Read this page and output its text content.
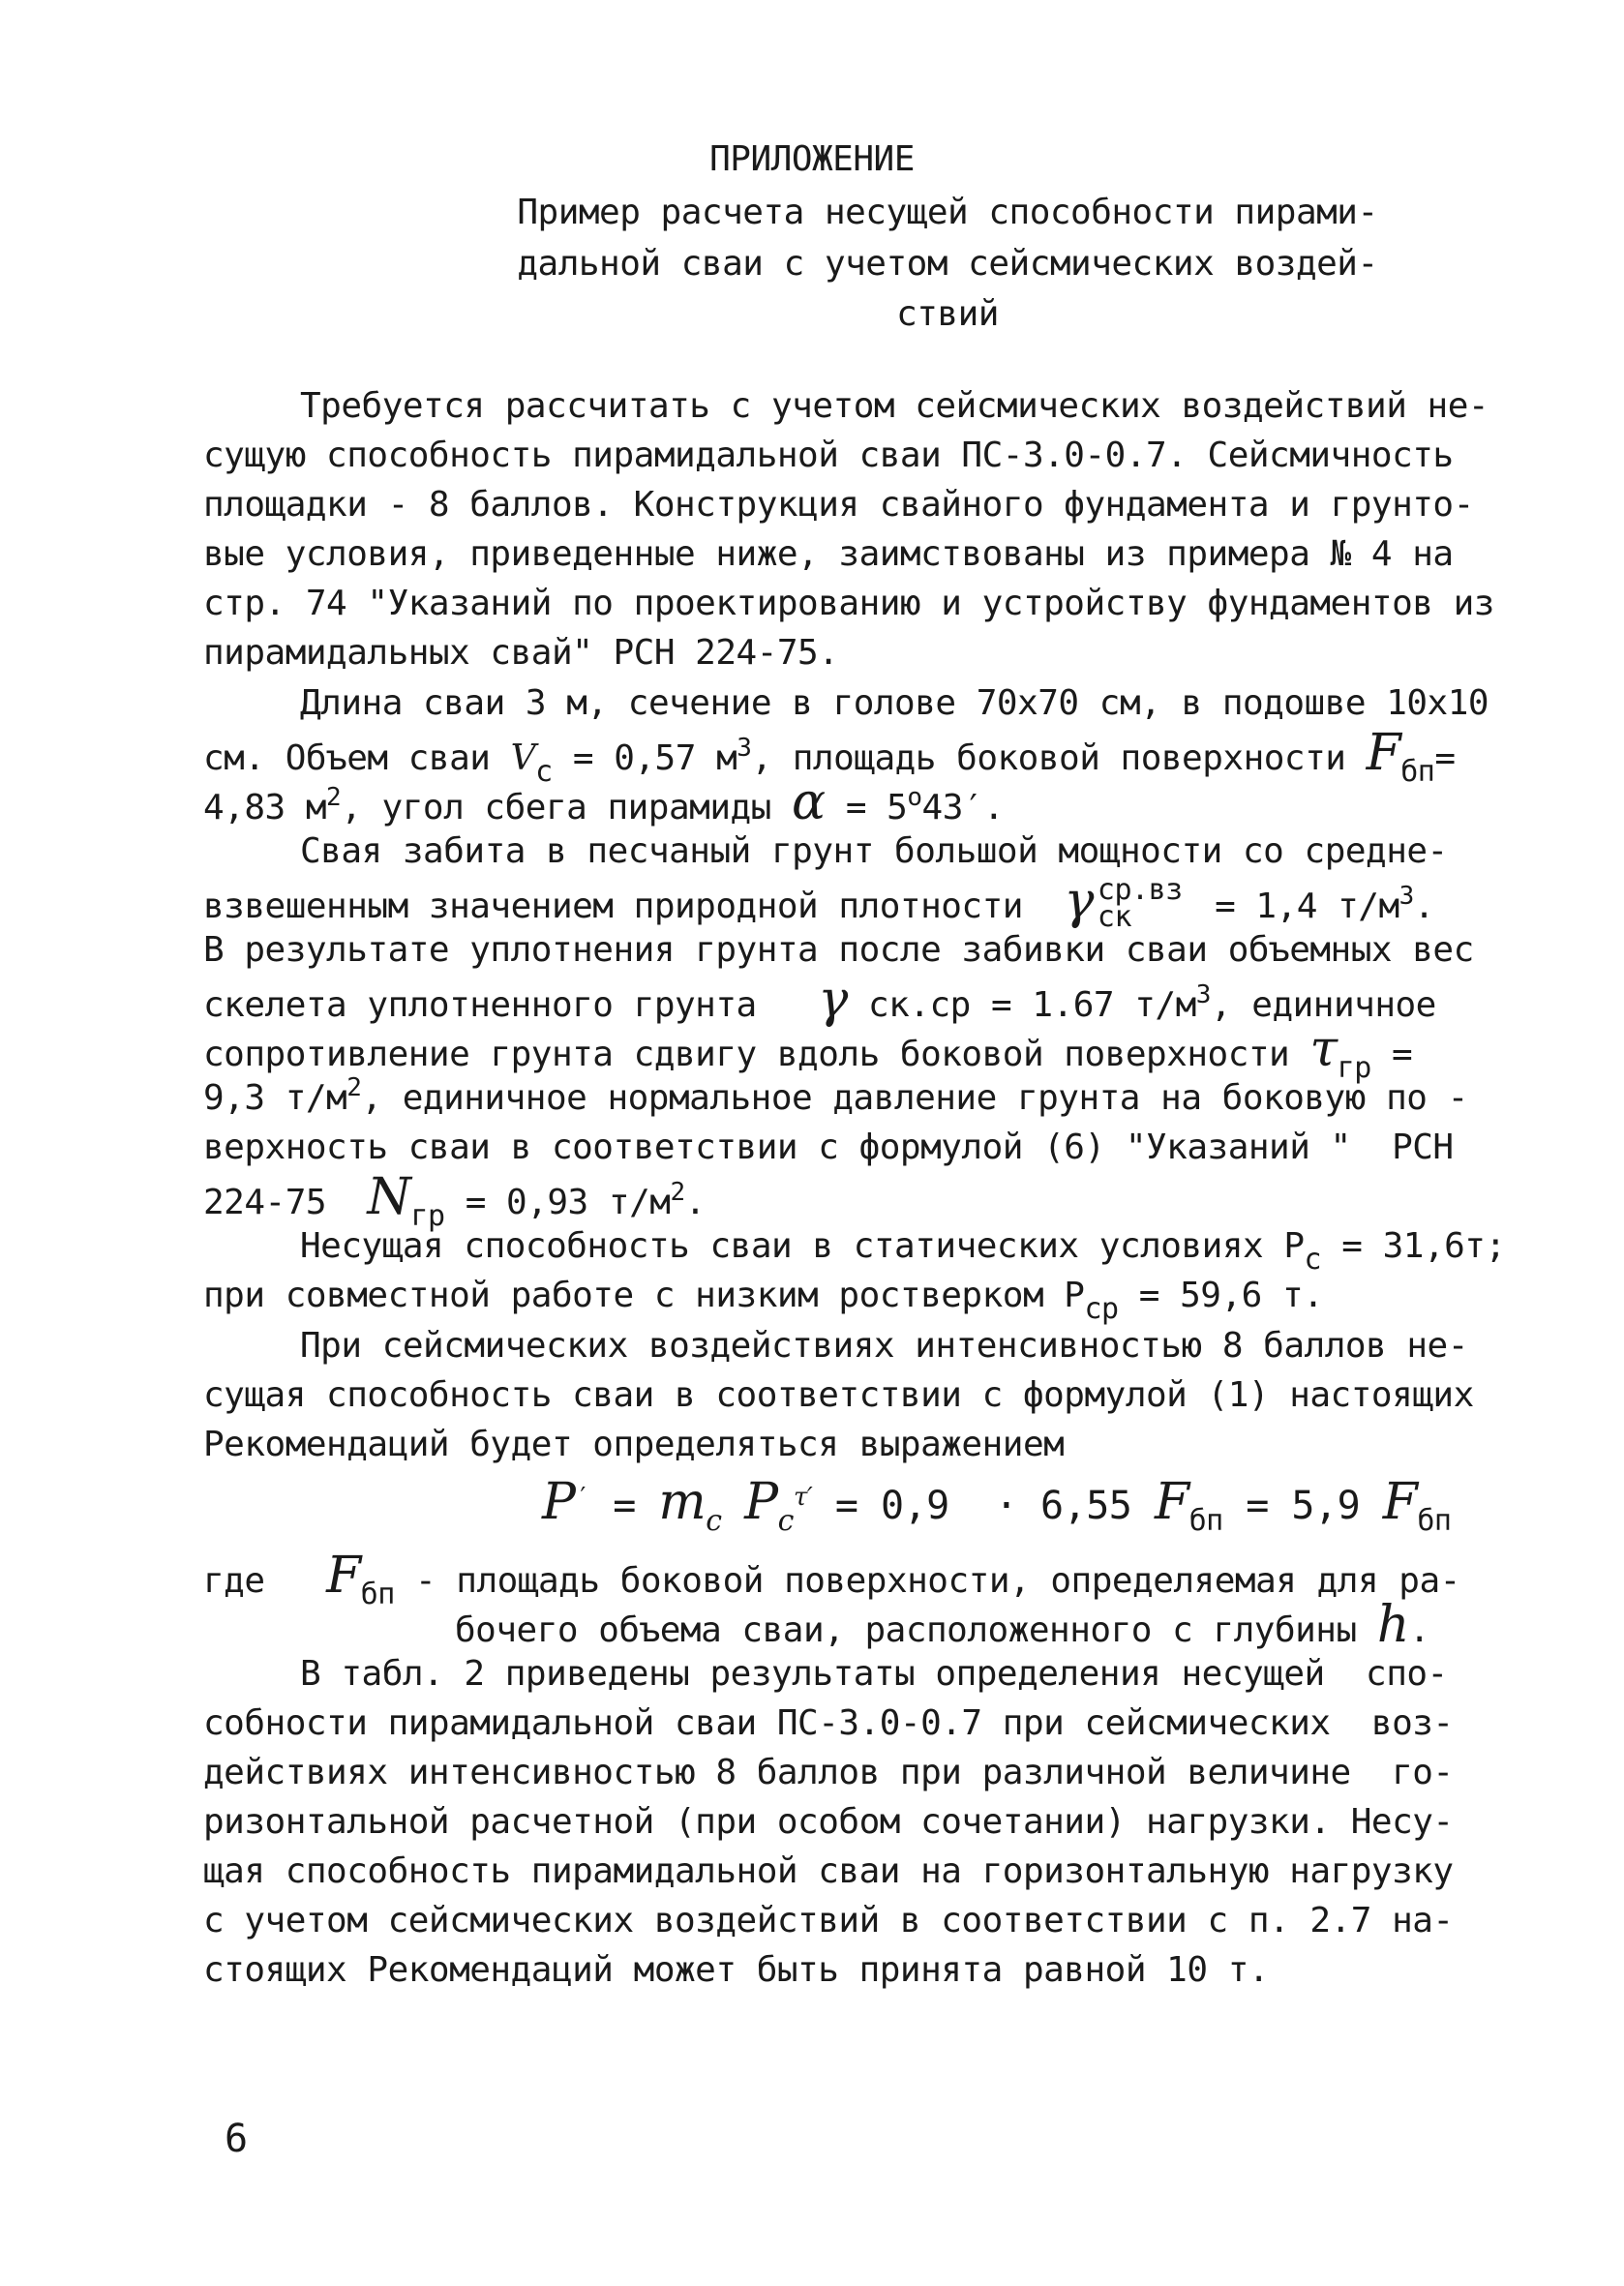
ПРИЛОЖЕНИЕ
Пример расчета несущей способности пирами-
дальной сваи с учетом сейсмических воздей-
ствий
Требуется рассчитать с учетом сейсмических воздействий не-
сущую способность пирамидальной сваи ПС-3.0-0.7. Сейсмичность
площадки - 8 баллов. Конструкция свайного фундамента и грунто-
вые условия, приведенные ниже, заимствованы из примера № 4 на
стр. 74 "Указаний по проектированию и устройству фундаментов из
пирамидальных свай" РСН 224-75.
Длина сваи 3 м, сечение в голове 70х70 см, в подошве 10х10
см. Объем сваи $V_c = 0,57$ $м^3$, площадь боковой поверхности $F_{бп}=$
4,83 $м^2$, угол сбега пирамиды $\alpha = 5^о43'$.
Свая забита в песчаный грунт большой мощности со средне-
взвешенным значением природной плотности  γ ср.вз
ск = 1,4 $т/м^3$.
В результате уплотнения грунта после забивки сваи объемных вес
скелета уплотненного грунта   γ ск.ср = 1.67 $т/м^3$, единичное
сопротивление грунта сдвигу вдоль боковой поверхности $\tau_{гр}$ =
9,3 $т/м^2$, единичное нормальное давление грунта на боковую по -
верхность сваи в соответствии с формулой (6) "Указаний "  РСН
224-75  $N_{гр} = 0,93$ $т/м^2$.
Несущая способность сваи в статических условиях $Р_с = 31,6т$;
при совместной работе с низким ростверком $Р_{ср} = 59,6$ т.
При сейсмических воздействиях интенсивностью 8 баллов не-
сущая способность сваи в соответствии с формулой (1) настоящих
Рекомендаций будет определяться выражением
$P' = m_c$ $P_c^{\tau'} = 0,9 \cdot 6,55$ $F_{бп} = 5,9$ $F_{бп}$
где $F_{бп}$ - площадь боковой поверхности, определяемая для ра-
бочего объема сваи, расположенного с глубины h.
В табл. 2 приведены результаты определения несущей  спо-
собности пирамидальной сваи ПС-3.0-0.7 при сейсмических  воз-
действиях интенсивностью 8 баллов при различной величине  го-
ризонтальной расчетной (при особом сочетании) нагрузки. Несу-
щая способность пирамидальной сваи на горизонтальную нагрузку
с учетом сейсмических воздействий в соответствии с п. 2.7 на-
стоящих Рекомендаций может быть принята равной 10 т.
6
